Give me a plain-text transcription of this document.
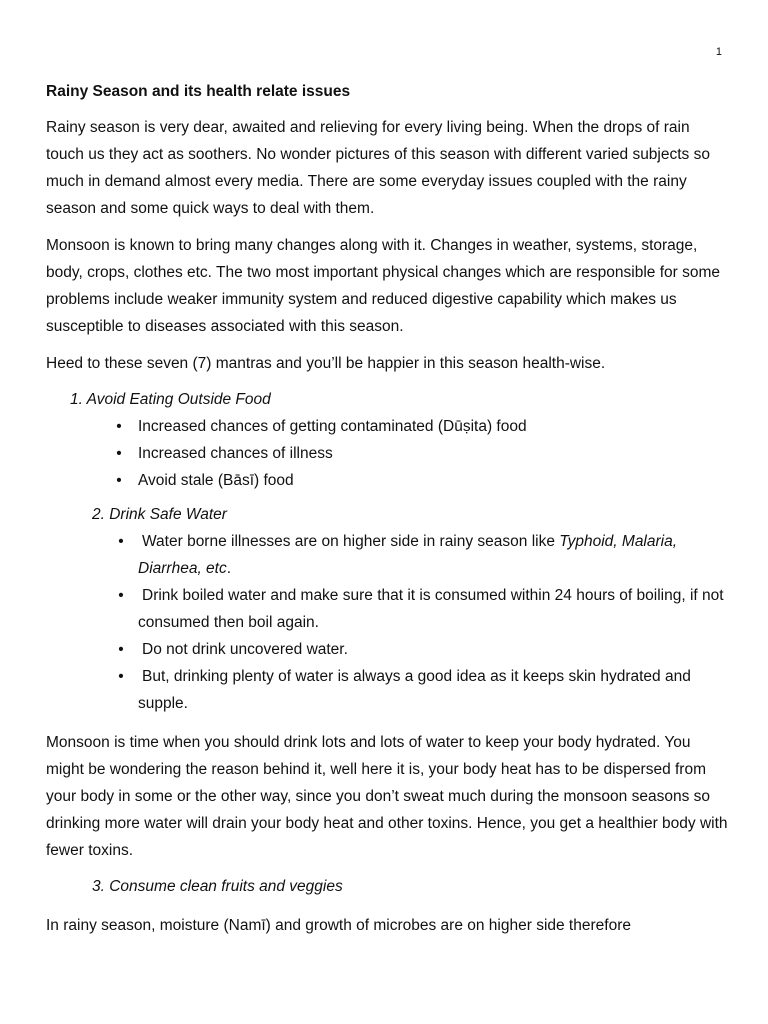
1
Rainy Season and its health relate issues

Rainy season is very dear, awaited and relieving for every living being. When the drops of rain touch us they act as soothers. No wonder pictures of this season with different varied subjects so much in demand almost every media. There are some everyday issues coupled with the rainy season and some quick ways to deal with them.

Monsoon is known to bring many changes along with it. Changes in weather, systems, storage, body, crops, clothes etc. The two most important physical changes which are responsible for some problems include weaker immunity system and reduced digestive capability which makes us susceptible to diseases associated with this season.

Heed to these seven (7) mantras and you’ll be happier in this season health-wise.

1. Avoid Eating Outside Food
• Increased chances of getting contaminated (Dūṣita) food
• Increased chances of illness
• Avoid stale (Bāsī) food
2. Drink Safe Water
• Water borne illnesses are on higher side in rainy season like Typhoid, Malaria, Diarrhea, etc.
• Drink boiled water and make sure that it is consumed within 24 hours of boiling, if not consumed then boil again.
• Do not drink uncovered water.
• But, drinking plenty of water is always a good idea as it keeps skin hydrated and supple.

Monsoon is time when you should drink lots and lots of water to keep your body hydrated. You might be wondering the reason behind it, well here it is, your body heat has to be dispersed from your body in some or the other way, since you don’t sweat much during the monsoon seasons so drinking more water will drain your body heat and other toxins. Hence, you get a healthier body with fewer toxins.

3. Consume clean fruits and veggies

In rainy season, moisture (Namī) and growth of microbes are on higher side therefore
